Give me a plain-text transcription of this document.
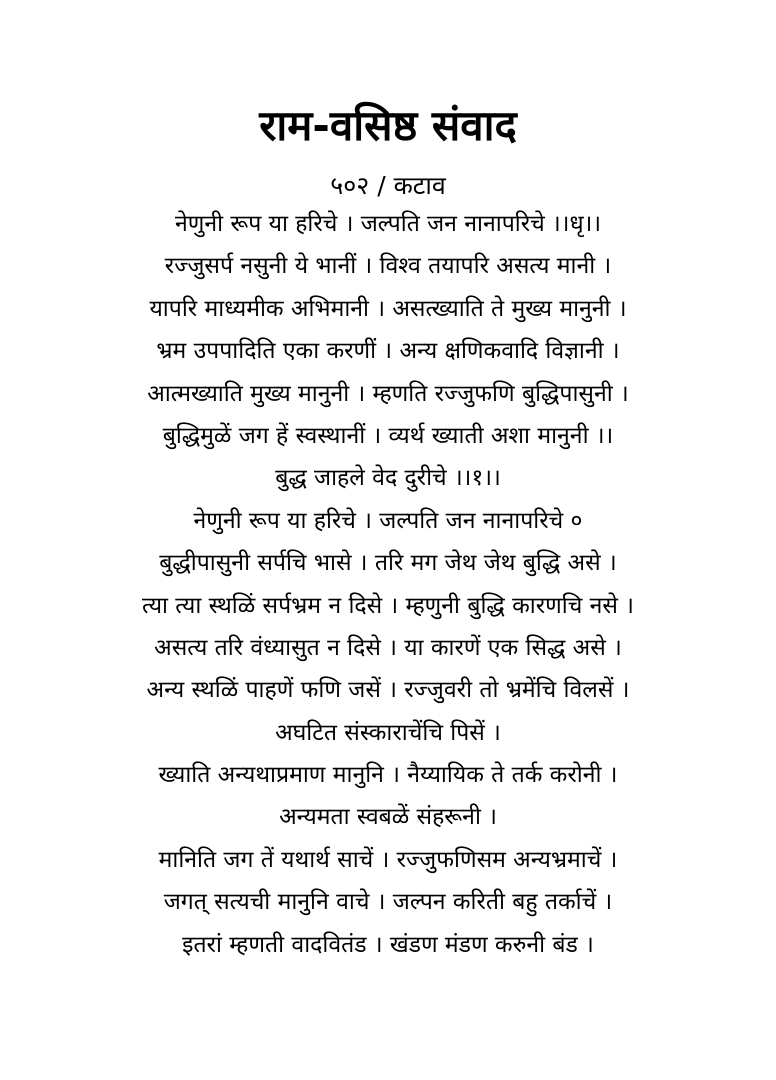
राम-वसिष्ठ संवाद
५०२ / कटाव
नेणुनी रूप या हरिचे । जल्पति जन नानापरिचे ।।धृ।।
रज्जुसर्प नसुनी ये भानीं । विश्व तयापरि असत्य मानी ।
यापरि माध्यमीक अभिमानी । असत्ख्याति ते मुख्य मानुनी ।
भ्रम उपपादिति एका करणीं । अन्य क्षणिकवादि विज्ञानी ।
आत्मख्याति मुख्य मानुनी । म्हणति रज्जुफणि बुद्धिपासुनी ।
बुद्धिमुळें जग हें स्वस्थानीं । व्यर्थ ख्याती अशा मानुनी ।।
बुद्ध जाहले वेद दुरीचे ।।१।।
नेणुनी रूप या हरिचे । जल्पति जन नानापरिचे ०
बुद्धीपासुनी सर्पचि भासे । तरि मग जेथ जेथ बुद्धि असे ।
त्या त्या स्थळिं सर्पभ्रम न दिसे । म्हणुनी बुद्धि कारणचि नसे ।
असत्य तरि वंध्यासुत न दिसे । या कारणें एक सिद्ध असे ।
अन्य स्थळिं पाहणें फणि जसें । रज्जुवरी तो भ्रमेंचि विलसें ।
अघटित संस्काराचेंचि पिसें ।
ख्याति अन्यथाप्रमाण मानुनि । नैय्यायिक ते तर्क करोनी ।
अन्यमता स्वबळें संहरूनी ।
मानिति जग तें यथार्थ साचें । रज्जुफणिसम अन्यभ्रमाचें ।
जगत् सत्यची मानुनि वाचे । जल्पन करिती बहु तर्काचें ।
इतरां म्हणती वादवितंड । खंडण मंडण करुनी बंड ।
